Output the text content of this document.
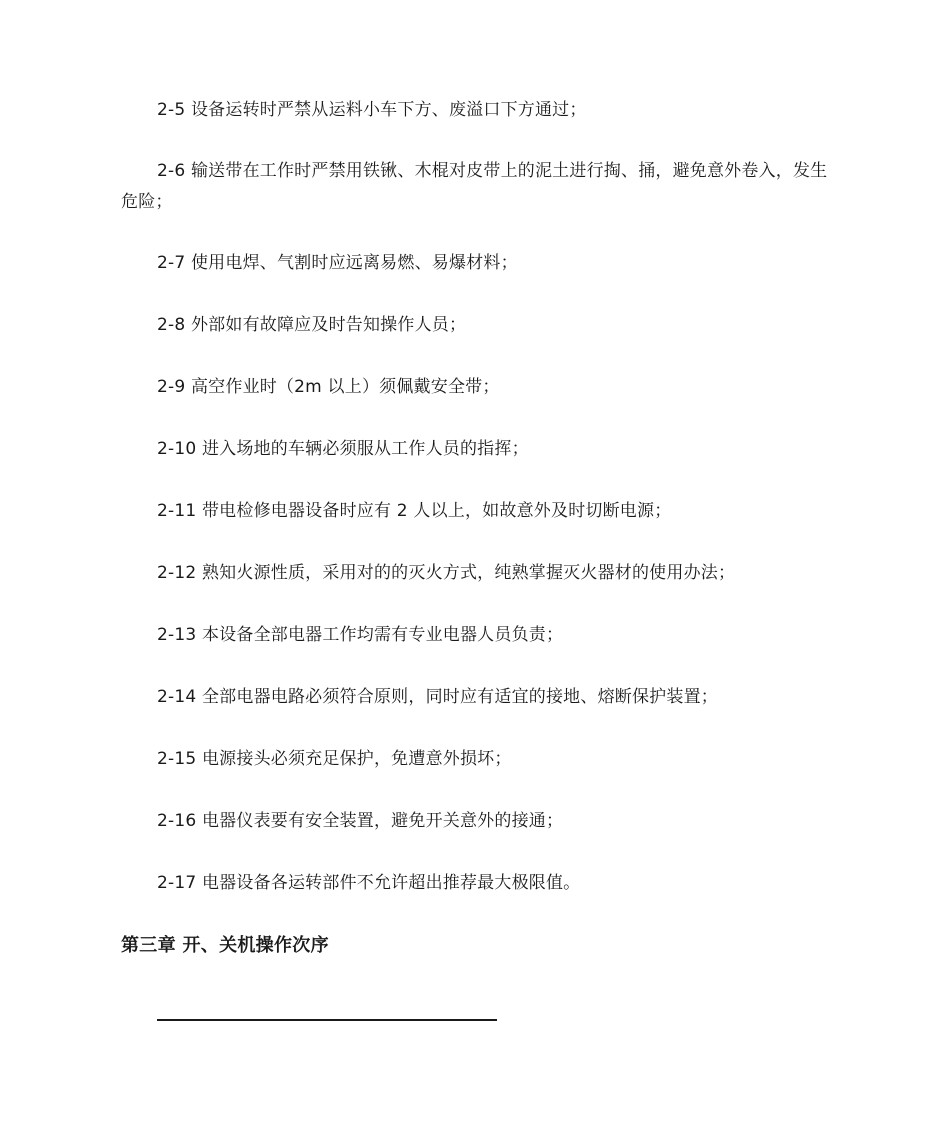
2-5 设备运转时严禁从运料小车下方、废溢口下方通过；

2-6 输送带在工作时严禁用铁锹、木棍对皮带上的泥土进行掏、捅，避免意外卷入，发生危险；

2-7 使用电焊、气割时应远离易燃、易爆材料；

2-8 外部如有故障应及时告知操作人员；

2-9 高空作业时（2m 以上）须佩戴安全带；

2-10 进入场地的车辆必须服从工作人员的指挥；

2-11 带电检修电器设备时应有 2 人以上，如故意外及时切断电源；

2-12 熟知火源性质，采用对的的灭火方式，纯熟掌握灭火器材的使用办法；

2-13 本设备全部电器工作均需有专业电器人员负责；

2-14 全部电器电路必须符合原则，同时应有适宜的接地、熔断保护装置；

2-15 电源接头必须充足保护，免遭意外损坏；

2-16 电器仪表要有安全装置，避免开关意外的接通；

2-17 电器设备各运转部件不允许超出推荐最大极限值。

第三章 开、关机操作次序
